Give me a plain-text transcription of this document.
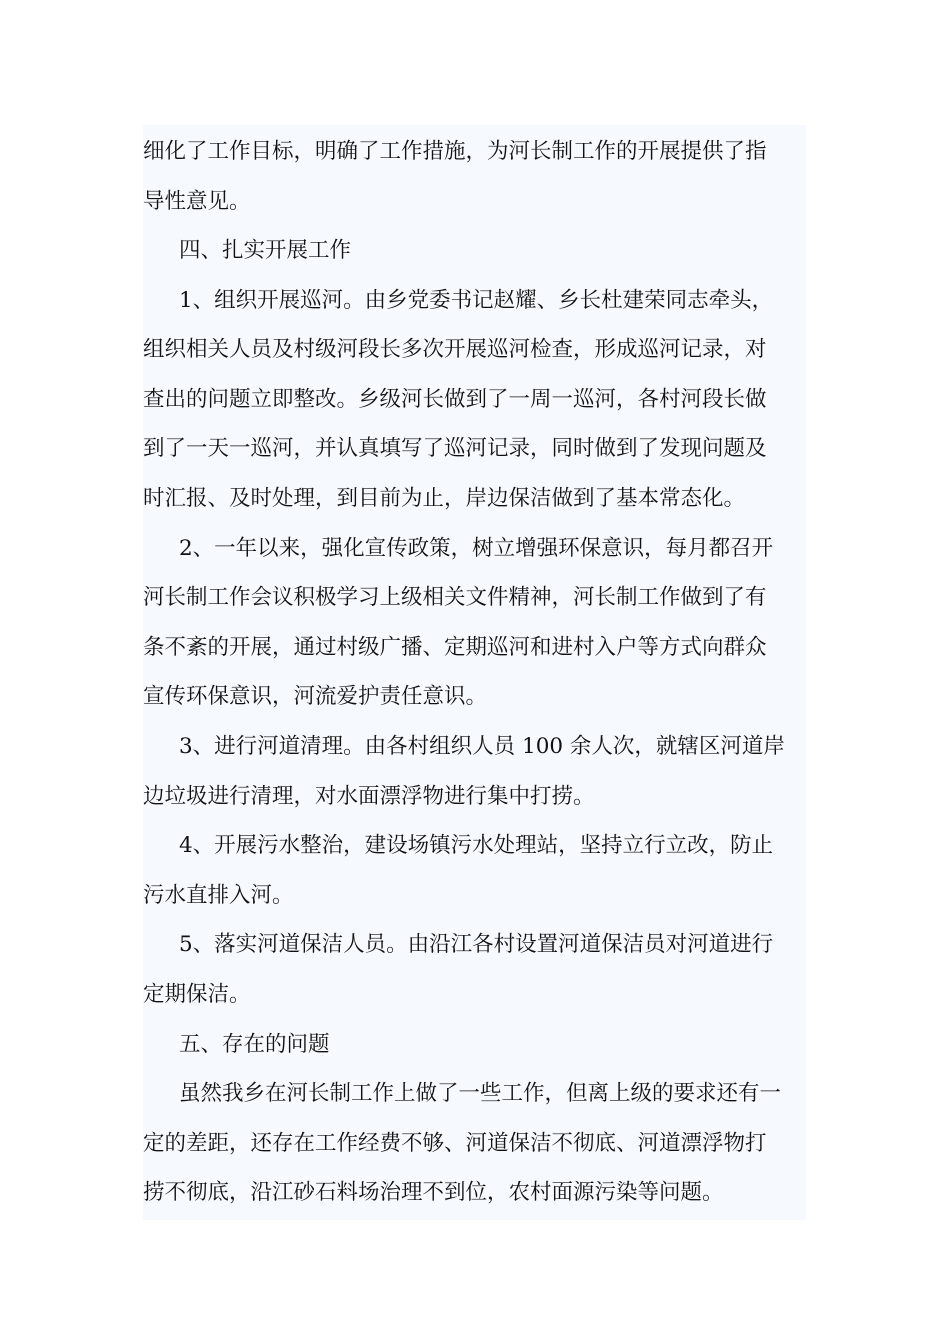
细化了工作目标，明确了工作措施，为河长制工作的开展提供了指
导性意见。
四、扎实开展工作
1、组织开展巡河。由乡党委书记赵耀、乡长杜建荣同志牵头，
组织相关人员及村级河段长多次开展巡河检查，形成巡河记录，对
查出的问题立即整改。乡级河长做到了一周一巡河，各村河段长做
到了一天一巡河，并认真填写了巡河记录，同时做到了发现问题及
时汇报、及时处理，到目前为止，岸边保洁做到了基本常态化。
2、一年以来，强化宣传政策，树立增强环保意识，每月都召开
河长制工作会议积极学习上级相关文件精神，河长制工作做到了有
条不紊的开展，通过村级广播、定期巡河和进村入户等方式向群众
宣传环保意识，河流爱护责任意识。
3、进行河道清理。由各村组织人员 100 余人次，就辖区河道岸
边垃圾进行清理，对水面漂浮物进行集中打捞。
4、开展污水整治，建设场镇污水处理站，坚持立行立改，防止
污水直排入河。
5、落实河道保洁人员。由沿江各村设置河道保洁员对河道进行
定期保洁。
五、存在的问题
虽然我乡在河长制工作上做了一些工作，但离上级的要求还有一
定的差距，还存在工作经费不够、河道保洁不彻底、河道漂浮物打
捞不彻底，沿江砂石料场治理不到位，农村面源污染等问题。
